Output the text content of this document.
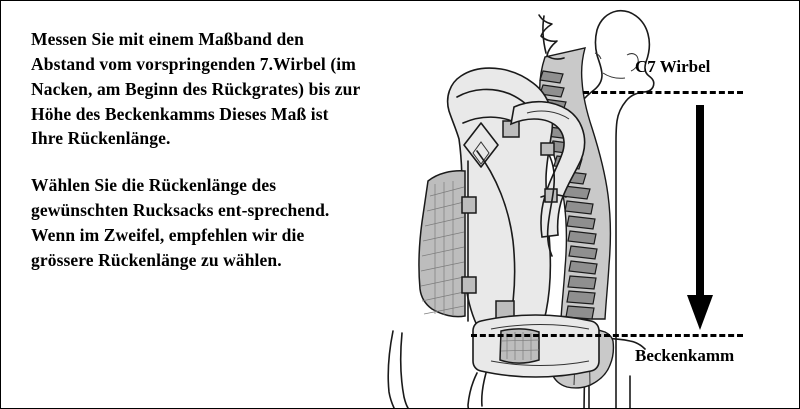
Messen Sie mit einem Maßband den Abstand vom vorspringenden 7.Wirbel (im Nacken, am Beginn des Rückgrates) bis zur Höhe des Beckenkamms Dieses Maß ist Ihre Rückenlänge.

Wählen Sie die Rückenlänge des gewünschten Rucksacks ent-sprechend. Wenn im Zweifel, empfehlen wir die grössere Rückenlänge zu wählen.

C7 Wirbel
Beckenkamm
